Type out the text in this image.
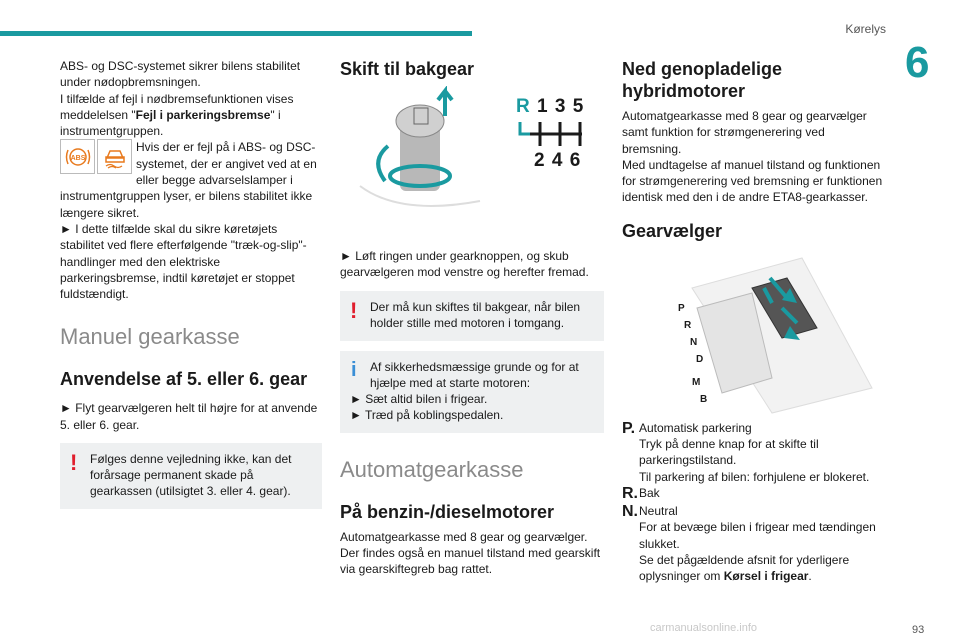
Kørelys
6

ABS- og DSC-systemet sikrer bilens stabilitet under nødopbremsningen.

I tilfælde af fejl i nødbremsefunktionen vises meddelelsen "Fejl i parkeringsbremse" i instrumentgruppen.

ABS

Hvis der er fejl på i ABS- og DSC-systemet, der er angivet ved at en eller begge advarselslamper i instrumentgruppen lyser, er bilens stabilitet ikke længere sikret.

► I dette tilfælde skal du sikre køretøjets stabilitet ved flere efterfølgende "træk-og-slip"-handlinger med den elektriske parkeringsbremse, indtil køretøjet er stoppet fuldstændigt.

Manuel gearkasse
Anvendelse af 5. eller 6. gear

► Flyt gearvælgeren helt til højre for at anvende 5. eller 6. gear.

! Følges denne vejledning ikke, kan det forårsage permanent skade på gearkassen (utilsigtet 3. eller 4. gear).
Skift til bakgear
R 1 3 5
2 4 6

► Løft ringen under gearknoppen, og skub gearvælgeren mod venstre og herefter fremad.

! Der må kun skiftes til bakgear, når bilen holder stille med motoren i tomgang.
i	Af sikkerhedsmæssige grunde og for at hjælpe med at starte motoren:
► Sæt altid bilen i frigear.
► Træd på koblingspedalen.
Automatgearkasse
På benzin-/dieselmotorer

Automatgearkasse med 8 gear og gearvælger. Der findes også en manuel tilstand med gearskift via gearskiftegreb bag rattet.

Ned genopladelige hybridmotorer

Automatgearkasse med 8 gear og gearvælger samt funktion for strømgenerering ved bremsning.

Med undtagelse af manuel tilstand og funktionen for strømgenerering ved bremsning er funktionen identisk med den i de andre ETA8-gearkasser.

Gearvælger
P
R
N
D
M
B
P. Automatisk parkering

Tryk på denne knap for at skifte til parkeringstilstand.

Til parkering af bilen: forhjulene er blokeret.

R. Bak

N. Neutral

For at bevæge bilen i frigear med tændingen slukket.

Se det pågældende afsnit for yderligere oplysninger om Kørsel i frigear.

carmanualsonline.info	93
